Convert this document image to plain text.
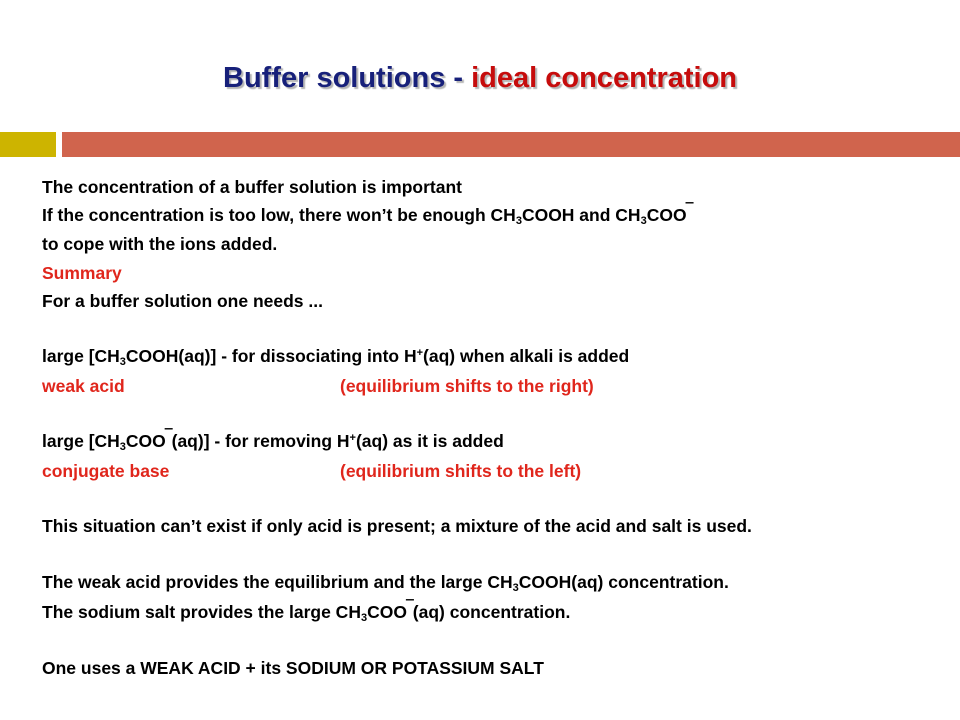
Buffer solutions - ideal concentration
The concentration of a buffer solution is important
If the concentration is too low, there won’t be enough $CH_3COOH$ and $CH_3COO‾$
to cope with the ions added.
Summary
For a buffer solution one needs ...
large $[CH_3COOH(aq)]$ - for dissociating into H+(aq) when alkali is added
weak acid	(equilibrium shifts to the right)
large $[CH_3COO‾(aq)]$ - for removing H+(aq) as it is added
conjugate base	(equilibrium shifts to the left)
This situation can’t exist if only acid is present; a mixture of the acid and salt is used.
The weak acid provides the equilibrium and the large $CH_3COOH(aq)$ concentration.
The sodium salt provides the large $CH_3COO‾(aq)$ concentration.
One uses a WEAK ACID + its SODIUM OR POTASSIUM SALT
